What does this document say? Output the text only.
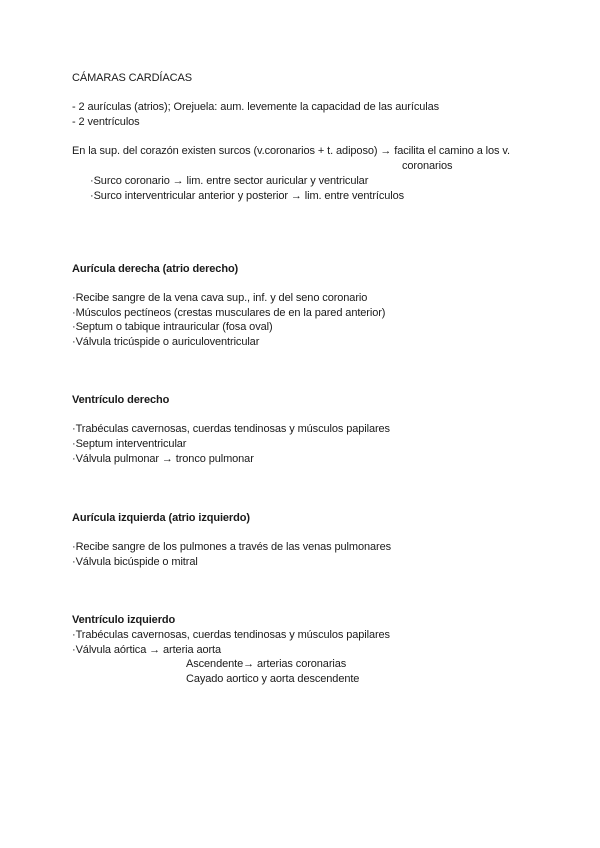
CÁMARAS CARDÍACAS
- 2 aurículas (atrios); Orejuela: aum. levemente la capacidad de las aurículas
- 2 ventrículos
En la sup. del corazón existen surcos (v.coronarios + t. adiposo) → facilita el camino a los v.
coronarios
·Surco coronario → lim. entre sector auricular y ventricular
·Surco interventricular anterior y posterior → lim. entre ventrículos
Aurícula derecha (atrio derecho)
·Recibe sangre de la vena cava sup., inf. y del seno coronario
·Músculos pectíneos (crestas musculares de en la pared anterior)
·Septum o tabique intrauricular (fosa oval)
·Válvula tricúspide o auriculoventricular
Ventrículo derecho
·Trabéculas cavernosas, cuerdas tendinosas y músculos papilares
·Septum interventricular
·Válvula pulmonar → tronco pulmonar
Aurícula izquierda (atrio izquierdo)
·Recibe sangre de los pulmones a través de las venas pulmonares
·Válvula bicúspide o mitral
Ventrículo izquierdo
·Trabéculas cavernosas, cuerdas tendinosas y músculos papilares
·Válvula aórtica → arteria aorta
Ascendente→ arterias coronarias
Cayado aortico y aorta descendente
